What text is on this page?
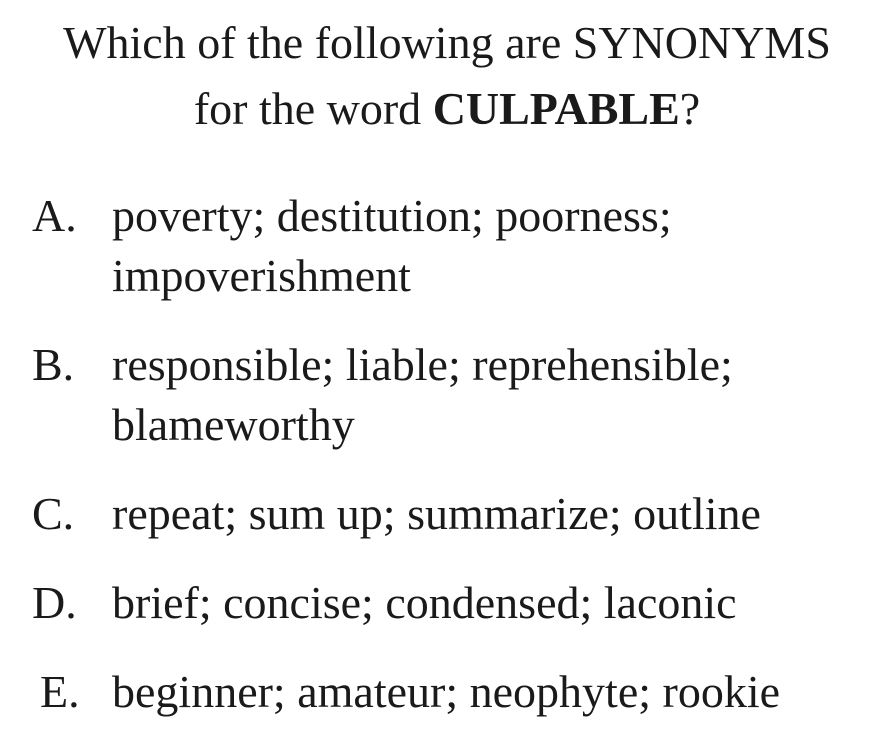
Which of the following are SYNONYMS
for the word CULPABLE?
A. poverty; destitution; poorness; impoverishment
B. responsible; liable; reprehensible; blameworthy
C. repeat; sum up; summarize; outline
D. brief; concise; condensed; laconic
E. beginner; amateur; neophyte; rookie
